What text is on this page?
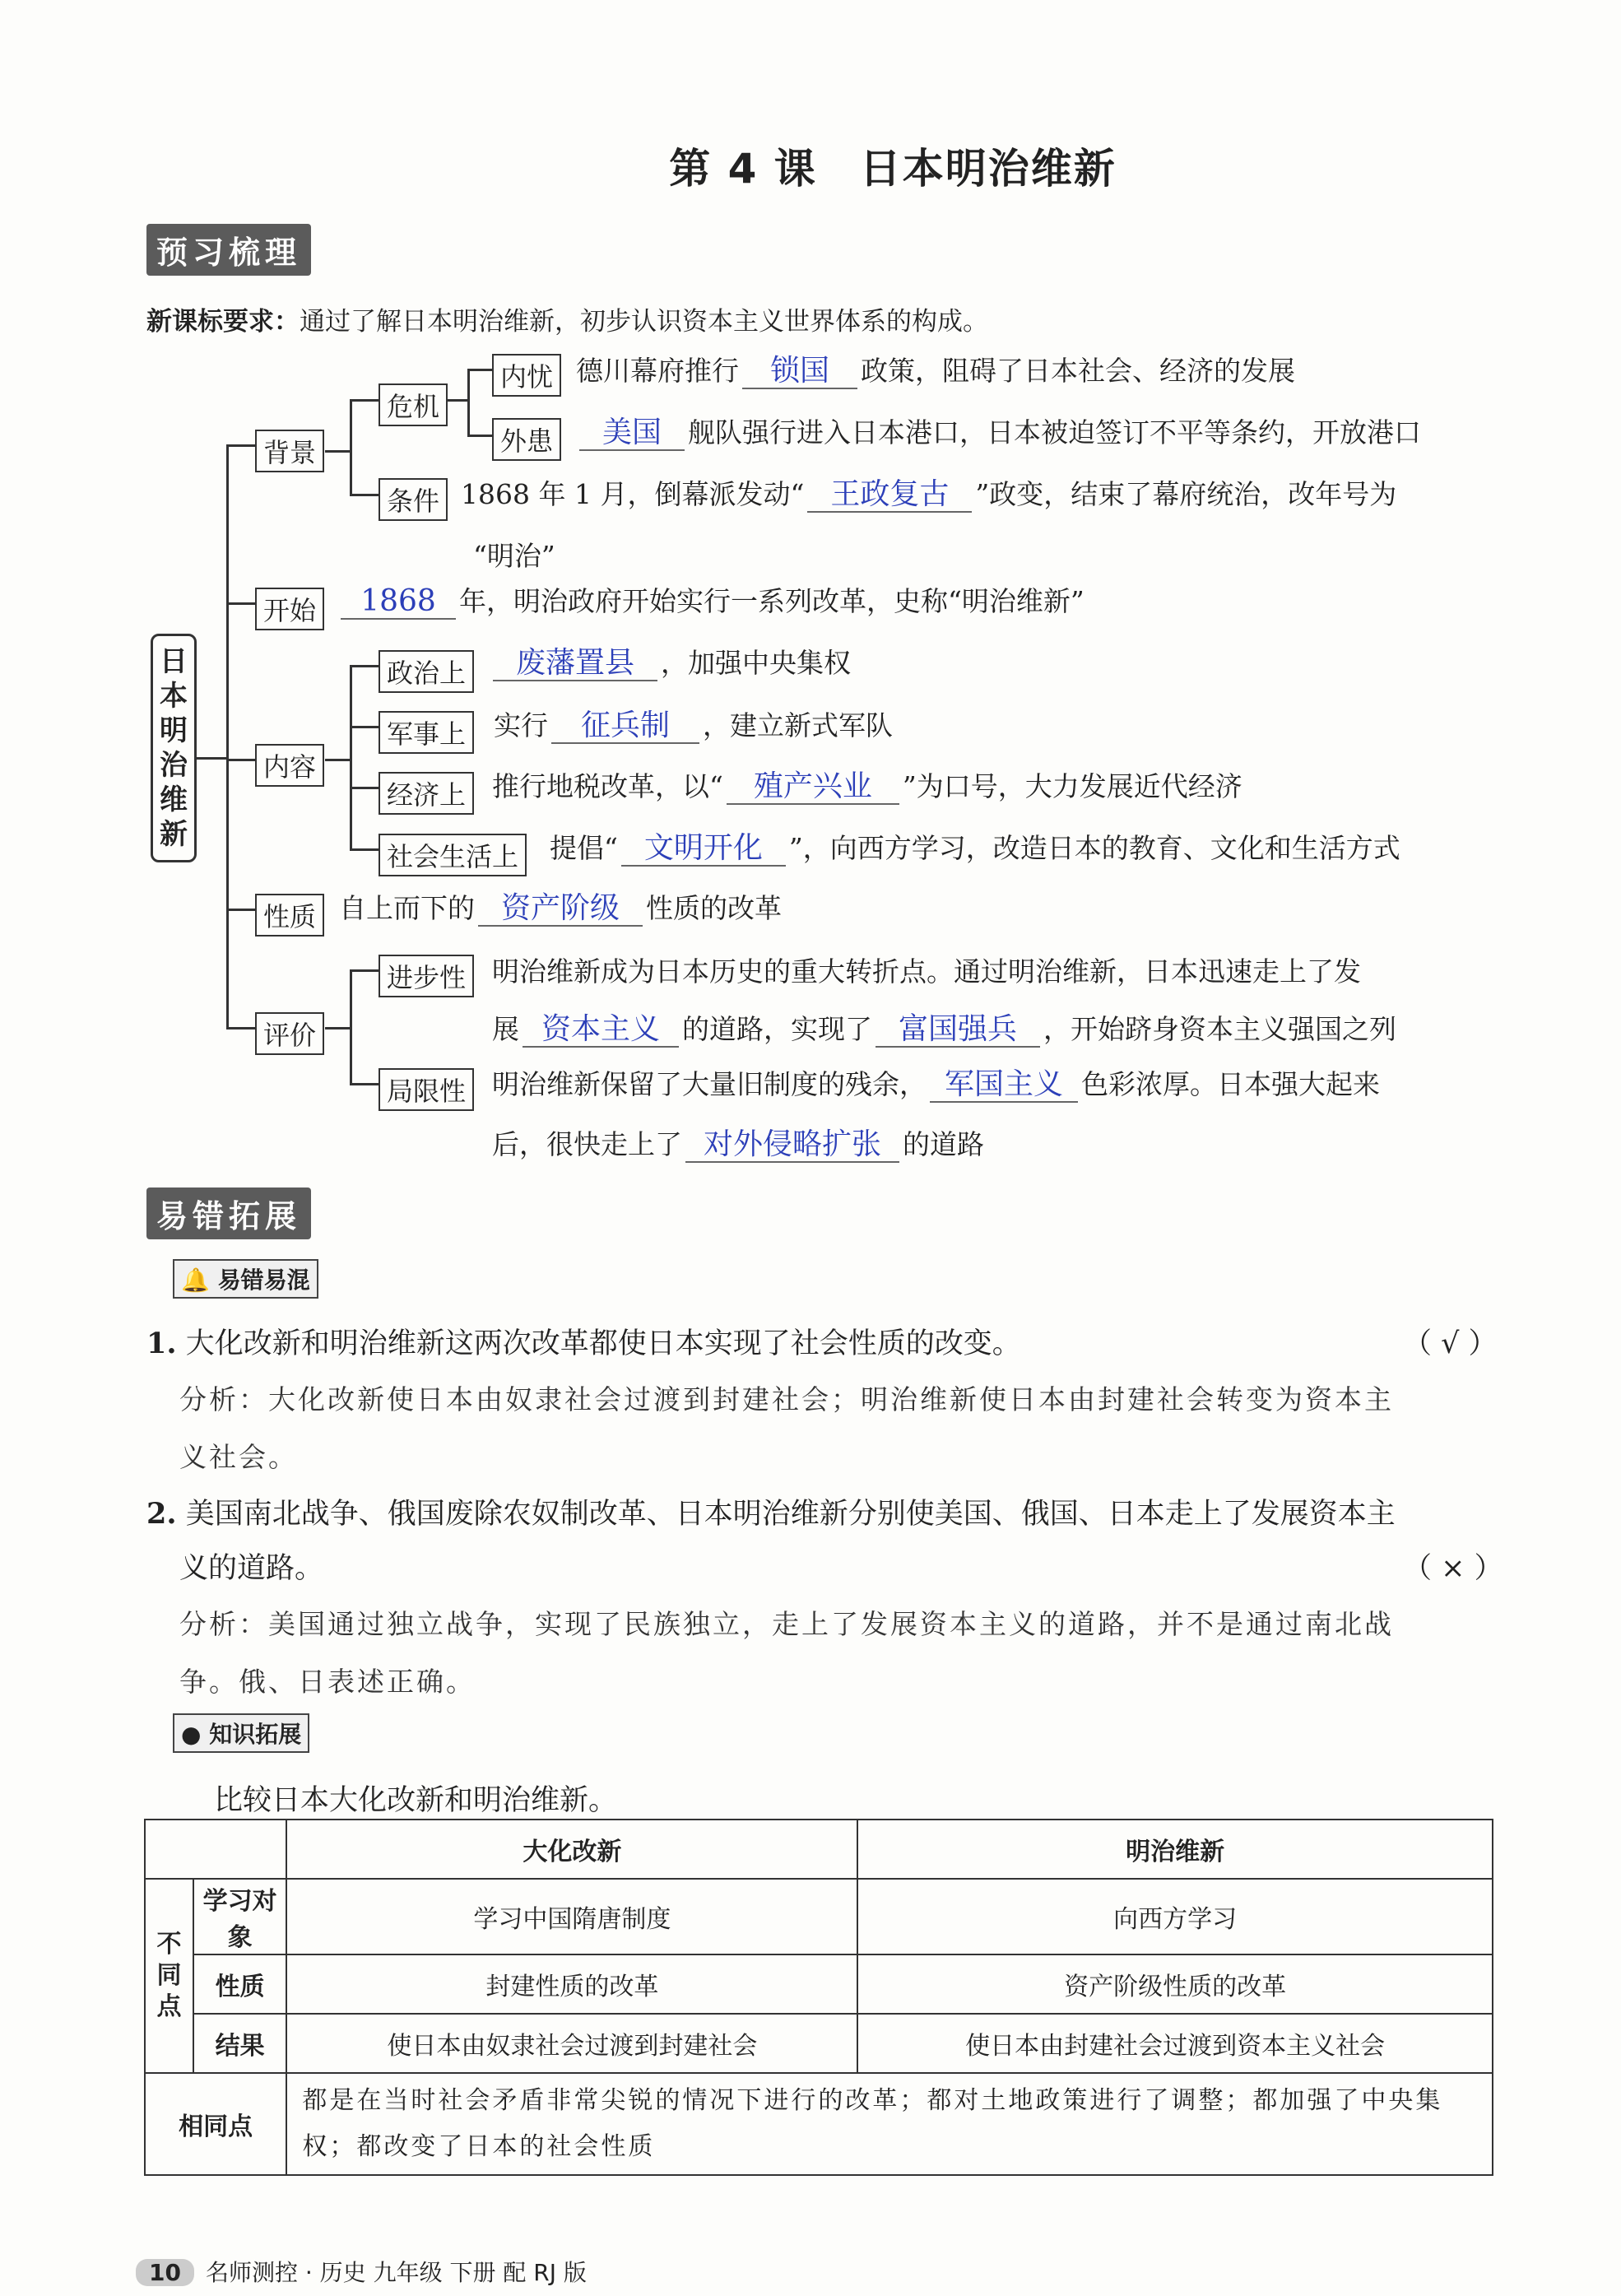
第 4 课　日本明治维新
预习梳理
新课标要求：通过了解日本明治维新，初步认识资本主义世界体系的构成。
日本明治维新
背景
危机
内忧 德川幕府推行 锁国 政策，阻碍了日本社会、经济的发展
外患	美国 舰队强行进入日本港口，日本被迫签订不平等条约，开放港口
条件 1868 年 1 月，倒幕派发动“ 王政复古 ”政变，结束了幕府统治，改年号为
“明治”
开始	1868 年，明治政府开始实行一系列改革，史称“明治维新”
内容
政治上	废藩置县 ，加强中央集权
军事上	实行 征兵制 ，建立新式军队
经济上 推行地税改革，以“ 殖产兴业 ”为口号，大力发展近代经济
社会生活上	提倡“ 文明开化 ”，向西方学习，改造日本的教育、文化和生活方式
性质 自上而下的 资产阶级 性质的改革
评价
进步性 明治维新成为日本历史的重大转折点。通过明治维新，日本迅速走上了发
展 资本主义 的道路，实现了 富国强兵 ，开始跻身资本主义强国之列
局限性 明治维新保留了大量旧制度的残余， 军国主义 色彩浓厚。日本强大起来
后，很快走上了 对外侵略扩张 的道路
易错拓展
🔔 易错易混
1. 大化改新和明治维新这两次改革都使日本实现了社会性质的改变。	（ √ ）
分析：大化改新使日本由奴隶社会过渡到封建社会；明治维新使日本由封建社会转变为资本主
义社会。
2. 美国南北战争、俄国废除农奴制改革、日本明治维新分别使美国、俄国、日本走上了发展资本主
义的道路。	（ × ）
分析：美国通过独立战争，实现了民族独立，走上了发展资本主义的道路，并不是通过南北战
争。俄、日表述正确。
● 知识拓展
比较日本大化改新和明治维新。
		大化改新	明治维新
不同点	学习对象	学习中国隋唐制度	向西方学习
	性质	封建性质的改革	资产阶级性质的改革
	结果	使日本由奴隶社会过渡到封建社会	使日本由封建社会过渡到资本主义社会
相同点		都是在当时社会矛盾非常尖锐的情况下进行的改革；都对土地政策进行了调整；都加强了中央集权；都改变了日本的社会性质	
10 名师测控 · 历史 九年级 下册 配 RJ 版
